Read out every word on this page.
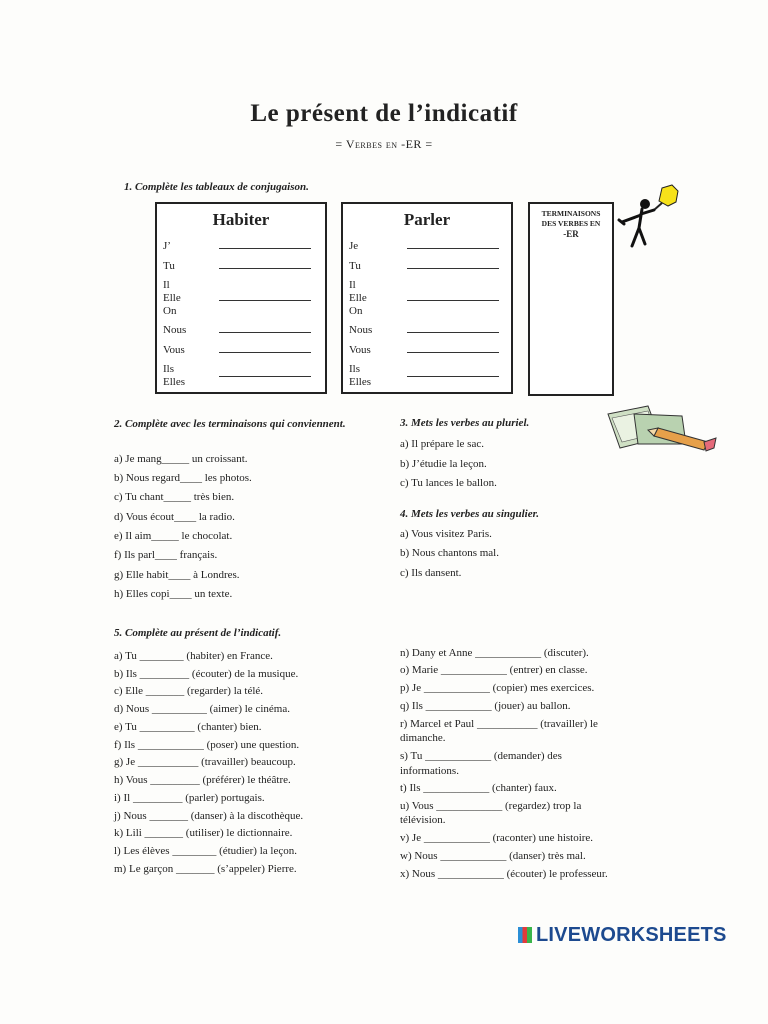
Le présent de l’indicatif
= Verbes en -ER =
1. Complète les tableaux de conjugaison.
Habiter
J’
Tu
Il
Elle
On
Nous
Vous
Ils
Elles
Parler
Je
Tu
Il
Elle
On
Nous
Vous
Ils
Elles
TERMINAISONS
DES VERBES EN
-ER
2. Complète avec les terminaisons qui conviennent.
a) Je mang_____ un croissant.
b) Nous regard____ les photos.
c) Tu chant_____ très bien.
d) Vous écout____ la radio.
e) Il aim_____ le chocolat.
f) Ils parl____ français.
g) Elle habit____ à Londres.
h) Elles copi____ un texte.
3. Mets les verbes au pluriel.
a) Il prépare le sac.
b) J’étudie la leçon.
c) Tu lances le ballon.
4. Mets les verbes au singulier.
a) Vous visitez Paris.
b) Nous chantons mal.
c) Ils dansent.
5. Complète au présent de l’indicatif.
a) Tu ________ (habiter) en France.
b) Ils _________ (écouter) de la musique.
c) Elle _______ (regarder) la télé.
d) Nous __________ (aimer) le cinéma.
e) Tu __________ (chanter) bien.
f) Ils ____________ (poser) une question.
g) Je ___________ (travailler) beaucoup.
h) Vous _________ (préférer) le théâtre.
i) Il _________ (parler) portugais.
j) Nous _______ (danser) à la discothèque.
k) Lili _______ (utiliser) le dictionnaire.
l) Les élèves ________ (étudier) la leçon.
m) Le garçon _______ (s’appeler) Pierre.
n) Dany et Anne ____________ (discuter).
o) Marie ____________ (entrer) en classe.
p) Je ____________ (copier) mes exercices.
q) Ils ____________ (jouer) au ballon.
r) Marcel et Paul ___________ (travailler) le
dimanche.
s) Tu ____________ (demander) des
informations.
t) Ils ____________ (chanter) faux.
u) Vous ____________ (regardez) trop la
télévision.
v) Je ____________ (raconter) une histoire.
w) Nous ____________ (danser) très mal.
x) Nous ____________ (écouter) le professeur.
LIVEWORKSHEETS
